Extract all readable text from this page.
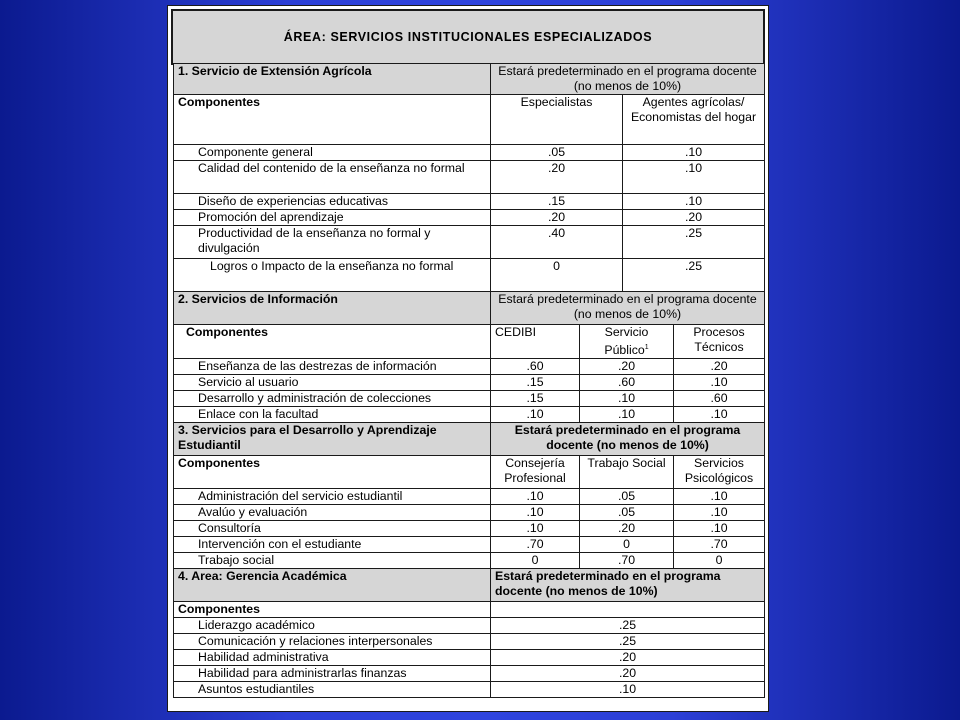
ÁREA: SERVICIOS INSTITUCIONALES ESPECIALIZADOS
1. Servicio de Extensión Agrícola	Estará predeterminado en el programa docente (no menos de 10%)			
Componentes	Especialistas		Agentes agrícolas/ Economistas del hogar	
Componente general	.05		.10	
Calidad del contenido de la enseñanza no formal	.20		.10	
Diseño de experiencias educativas	.15		.10	
Promoción del aprendizaje	.20		.20	
Productividad de la enseñanza no formal y divulgación	.40		.25	
Logros o Impacto de la enseñanza no formal	0		.25	
2. Servicios de Información	Estará predeterminado en el programa docente (no menos de 10%)			
Componentes	CEDIBI	Servicio Público$^1$		Procesos Técnicos
Enseñanza de las destrezas de información	.60	.20		.20
Servicio al usuario	.15	.60		.10
Desarrollo y administración de colecciones	.15	.10		.60
Enlace con la facultad	.10	.10		.10
3. Servicios para el Desarrollo y Aprendizaje Estudiantil	Estará predeterminado en el programa docente (no menos de 10%)			
Componentes	Consejería Profesional	Trabajo Social		Servicios Psicológicos
Administración del servicio estudiantil	.10	.05		.10
Avalúo y evaluación	.10	.05		.10
Consultoría	.10	.20		.10
Intervención con el estudiante	.70	0		.70
Trabajo social	0	.70		0
4. Area: Gerencia Académica	Estará predeterminado en el programa docente (no menos de 10%)			
Componentes				
Liderazgo académico	.25			
Comunicación y relaciones interpersonales	.25			
Habilidad administrativa	.20			
Habilidad para administrarlas finanzas	.20			
Asuntos estudiantiles	.10			
